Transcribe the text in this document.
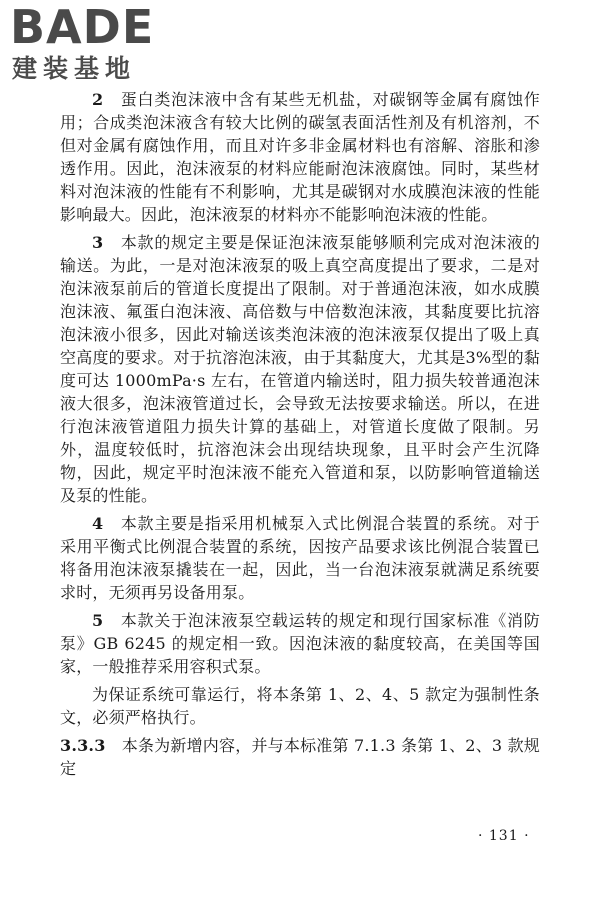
BADE
建装基地

2　 蛋白类泡沫液中含有某些无机盐，对碳钢等金属有腐蚀作用；合成类泡沫液含有较大比例的碳氢表面活性剂及有机溶剂，不但对金属有腐蚀作用，而且对许多非金属材料也有溶解、溶胀和渗透作用。因此，泡沫液泵的材料应能耐泡沫液腐蚀。同时，某些材料对泡沫液的性能有不利影响，尤其是碳钢对水成膜泡沫液的性能影响最大。因此，泡沫液泵的材料亦不能影响泡沫液的性能。

3　 本款的规定主要是保证泡沫液泵能够顺利完成对泡沫液的输送。为此，一是对泡沫液泵的吸上真空高度提出了要求，二是对泡沫液泵前后的管道长度提出了限制。对于普通泡沫液，如水成膜泡沫液、氟蛋白泡沫液、高倍数与中倍数泡沫液，其黏度要比抗溶泡沫液小很多，因此对输送该类泡沫液的泡沫液泵仅提出了吸上真空高度的要求。对于抗溶泡沫液，由于其黏度大，尤其是3%型的黏度可达 1000mPa·s 左右，在管道内输送时，阻力损失较普通泡沫液大很多，泡沫液管道过长，会导致无法按要求输送。所以，在进行泡沫液管道阻力损失计算的基础上，对管道长度做了限制。另外，温度较低时，抗溶泡沫会出现结块现象，且平时会产生沉降物，因此，规定平时泡沫液不能充入管道和泵，以防影响管道输送及泵的性能。

4　 本款主要是指采用机械泵入式比例混合装置的系统。对于采用平衡式比例混合装置的系统，因按产品要求该比例混合装置已将备用泡沫液泵撬装在一起，因此，当一台泡沫液泵就满足系统要求时，无须再另设备用泵。

5　 本款关于泡沫液泵空载运转的规定和现行国家标准《消防泵》GB 6245 的规定相一致。因泡沫液的黏度较高，在美国等国家，一般推荐采用容积式泵。

为保证系统可靠运行，将本条第 1、2、4、5 款定为强制性条文，必须严格执行。

3.3.3　 本条为新增内容，并与本标准第 7.1.3 条第 1、2、3 款规定

· 131 ·
